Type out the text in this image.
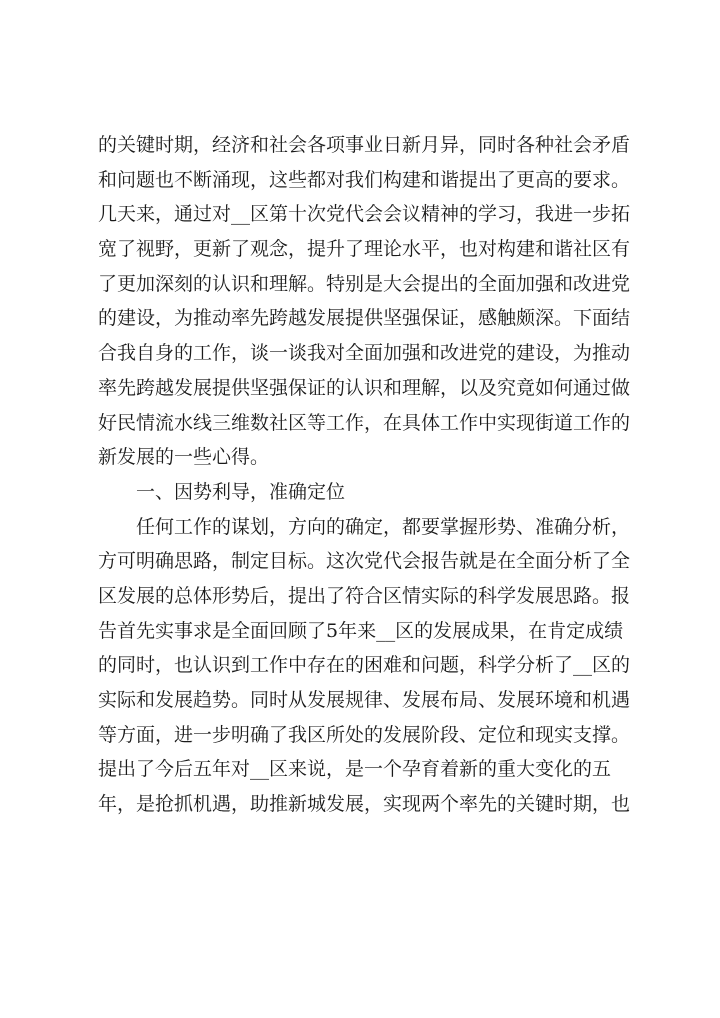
的关键时期，经济和社会各项事业日新月异，同时各种社会矛盾
和问题也不断涌现，这些都对我们构建和谐提出了更高的要求。
几天来，通过对__区第十次党代会会议精神的学习，我进一步拓
宽了视野，更新了观念，提升了理论水平，也对构建和谐社区有
了更加深刻的认识和理解。特别是大会提出的全面加强和改进党
的建设，为推动率先跨越发展提供坚强保证，感触颇深。下面结
合我自身的工作，谈一谈我对全面加强和改进党的建设，为推动
率先跨越发展提供坚强保证的认识和理解，以及究竟如何通过做
好民情流水线三维数社区等工作，在具体工作中实现街道工作的
新发展的一些心得。
一、因势利导，准确定位
任何工作的谋划，方向的确定，都要掌握形势、准确分析，
方可明确思路，制定目标。这次党代会报告就是在全面分析了全
区发展的总体形势后，提出了符合区情实际的科学发展思路。报
告首先实事求是全面回顾了5年来__区的发展成果，在肯定成绩
的同时，也认识到工作中存在的困难和问题，科学分析了__区的
实际和发展趋势。同时从发展规律、发展布局、发展环境和机遇
等方面，进一步明确了我区所处的发展阶段、定位和现实支撑。
提出了今后五年对__区来说，是一个孕育着新的重大变化的五
年，是抢抓机遇，助推新城发展，实现两个率先的关键时期，也
